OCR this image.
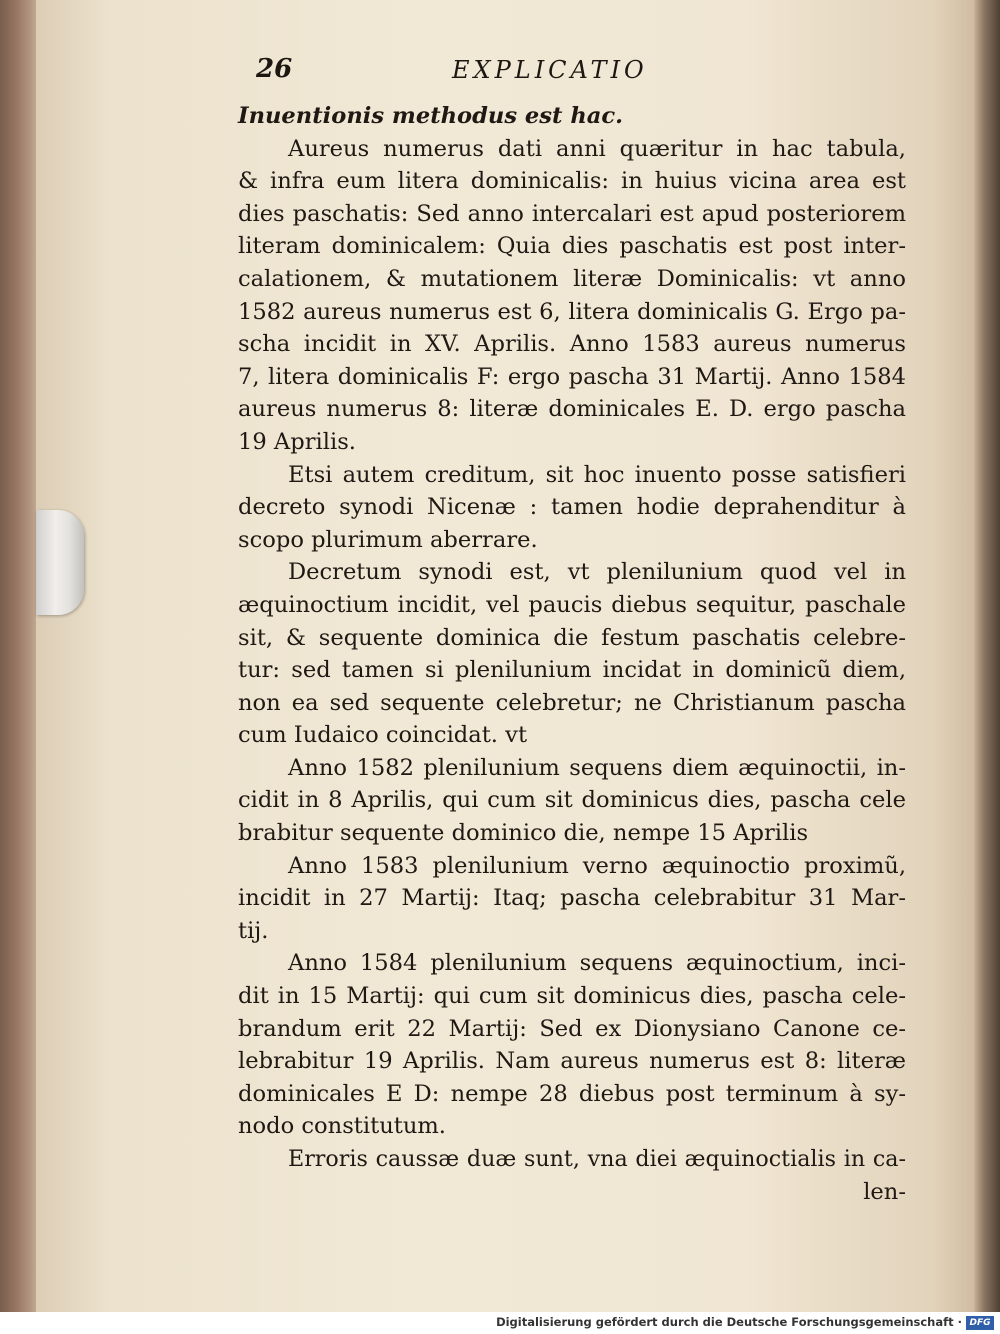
26	EXPLICATIO
Inuentionis methodus est hac.
Aureus numerus dati anni quæritur in hac tabula,
& infra eum litera dominicalis: in huius vicina area est
dies paschatis: Sed anno intercalari est apud posteriorem
literam dominicalem: Quia dies paschatis est post inter-
calationem, & mutationem literæ Dominicalis: vt anno
1582 aureus numerus est 6, litera dominicalis G. Ergo pa-
scha incidit in XV. Aprilis. Anno 1583 aureus numerus
7, litera dominicalis F: ergo pascha 31 Martij. Anno 1584
aureus numerus 8: literæ dominicales E. D. ergo pascha
19 Aprilis.
Etsi autem creditum, sit hoc inuento posse satisfieri
decreto synodi Nicenæ : tamen hodie deprahenditur à
scopo plurimum aberrare.
Decretum synodi est, vt plenilunium quod vel in
æquinoctium incidit, vel paucis diebus sequitur, paschale
sit, & sequente dominica die festum paschatis celebre-
tur: sed tamen si plenilunium incidat in dominicũ diem,
non ea sed sequente celebretur; ne Christianum pascha
cum Iudaico coincidat. vt
Anno 1582 plenilunium sequens diem æquinoctii, in-
cidit in 8 Aprilis, qui cum sit dominicus dies, pascha cele
brabitur sequente dominico die, nempe 15 Aprilis
Anno 1583 plenilunium verno æquinoctio proximũ,
incidit in 27 Martij: Itaq; pascha celebrabitur 31 Mar-
tij.
Anno 1584 plenilunium sequens æquinoctium, inci-
dit in 15 Martij: qui cum sit dominicus dies, pascha cele-
brandum erit 22 Martij: Sed ex Dionysiano Canone ce-
lebrabitur 19 Aprilis. Nam aureus numerus est 8: literæ
dominicales E D: nempe 28 diebus post terminum à sy-
nodo constitutum.
Erroris caussæ duæ sunt, vna diei æquinoctialis in ca-
len-
Digitalisierung gefördert durch die Deutsche Forschungsgemeinschaft · DFG
